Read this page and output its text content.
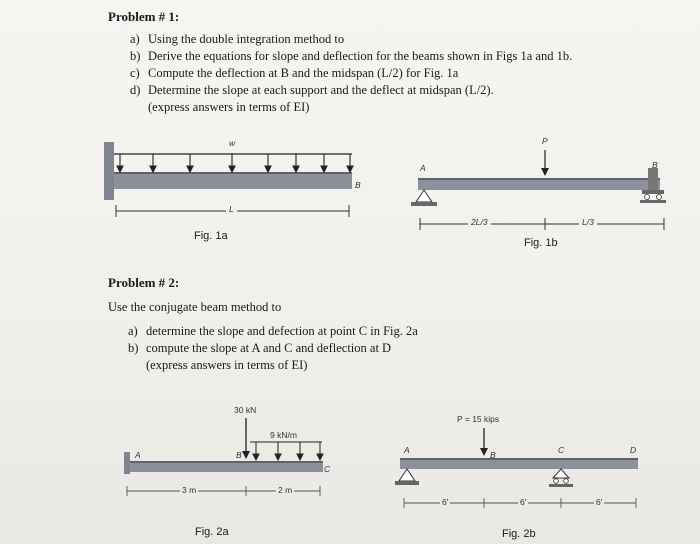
Problem # 1:
a) Using the double integration method to
b) Derive the equations for slope and deflection for the beams shown in Figs 1a and 1b.
c) Compute the deflection at B and the midspan (L/2) for Fig. 1a
d) Determine the slope at each support and the deflect at midspan (L/2).
(express answers in terms of EI)
w
A
B
L
Fig. 1a
P
A	B
2L/3	L/3
Fig. 1b
Problem # 2:
Use the conjugate beam method to
a) determine the slope and defection at point C in Fig. 2a
b) compute the slope at A and C and deflection at D
(express answers in terms of EI)
30 kN
9 kN/m
A	B
C
3 m	2 m
Fig. 2a
P = 15 kips
A	B	C	D
6'	6'	6'
Fig. 2b
